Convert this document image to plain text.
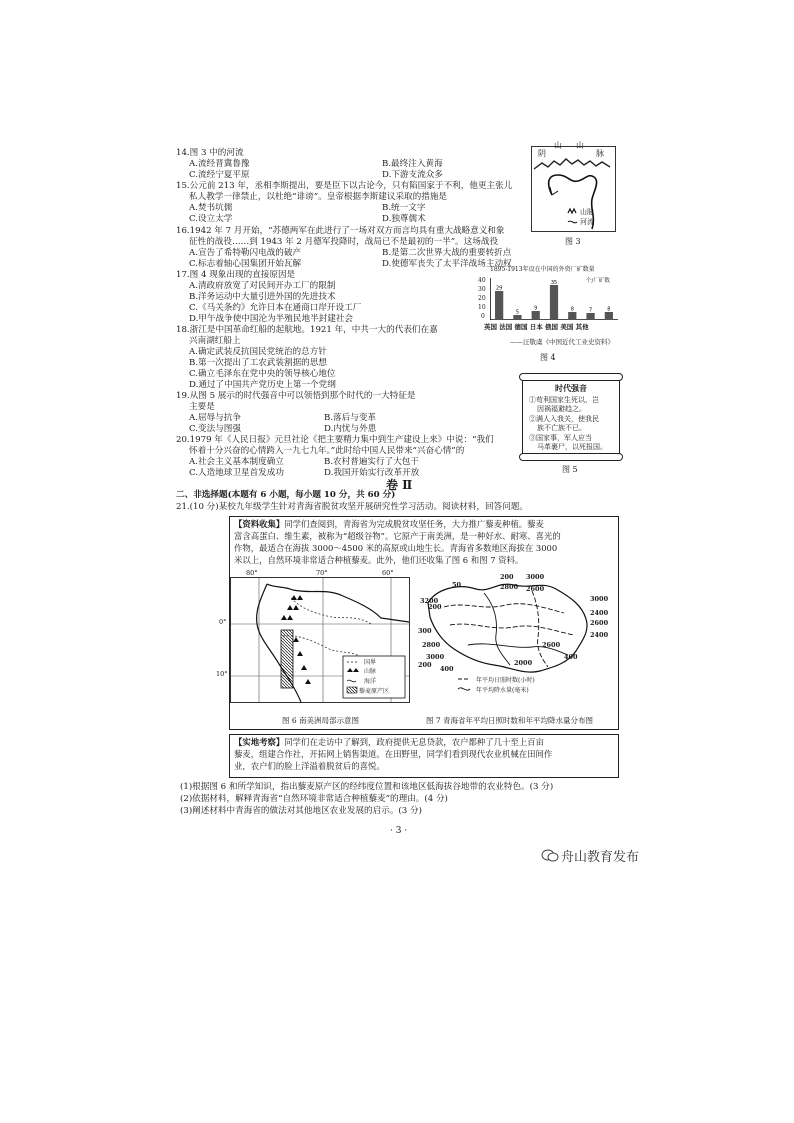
14.图 3 中的河流
A.流经晋冀鲁豫	B.最终注入黄海
C.流经宁夏平原	D.下游支流众多
15.公元前 213 年，丞相李斯提出，要是臣下以古论今，只有陷国家于不利，他更主张儿
私人教学一律禁止，以杜绝“诽谤”。皇帝根据李斯建议采取的措施是
A.焚书坑儒	B.统一文字
C.设立太学	D.独尊儒术
16.1942 年 7 月开始，“苏德两军在此进行了一场对双方而言均具有重大战略意义和象
征性的战役……到 1943 年 2 月德军投降时，战局已不是最初的一半”。这场战役
A.宣告了希特勒闪电战的破产	B.是第二次世界大战的重要转折点
C.标志着轴心国集团开始瓦解	D.使德军丧失了太平洋战场主动权
17.图 4 现象出现的直接原因是
A.清政府放宽了对民间开办工厂的限制
B.洋务运动中大量引进外国的先进技术
C.《马关条约》允许日本在通商口岸开设工厂
D.甲午战争使中国沦为半殖民地半封建社会
18.浙江是中国革命红船的起航地。1921 年，中共一大的代表们在嘉
兴南湖红船上
A.确定武装反抗国民党统治的总方针
B.第一次提出了工农武装割据的思想
C.确立毛泽东在党中央的领导核心地位
D.通过了中国共产党历史上第一个党纲
19.从图 5 展示的时代强音中可以领悟到那个时代的一大特征是
主要是
A.屈辱与抗争	B.落后与变革
C.变法与图强	D.内忧与外患
20.1979 年《人民日报》元旦社论《把主要精力集中到生产建设上来》中说：“我们
怀着十分兴奋的心情跨入一九七九年。”此时给中国人民带来“兴奋心情”的
A.社会主义基本制度确立	B.农村普遍实行了大包干
C.人造地球卫星首发成功	D.我国开始实行改革开放
阴
山 山
脉
山脉
河流
图 3
1895-1913年设在中国的外资厂矿数量
个/厂矿数
40
30
20
10
0
29
5
9
35
8	7	8
英国 法国 德国 日本 俄国 美国 其他
——汪敬虞《中国近代工业史资料》
图 4
时代强音
①苟利国家生死以，岂
因祸福避趋之。
②满人入我关，使我民
族不亡族不已。
③国家事，军人应当
马革裹尸，以死报国。
图 5
卷 Ⅱ
二、非选择题(本题有 6 小题，每小题 10 分，共 60 分)
21.(10 分)某校九年级学生针对青海省脱贫攻坚开展研究性学习活动。阅读材料，回答问题。
【资料收集】同学们查阅到，青海省为完成脱贫攻坚任务，大力推广藜麦种植。藜麦
富含高蛋白、维生素，被称为“超级谷物”。它原产于南美洲，是一种好水、耐寒、喜光的
作物，最适合在海拔 3000～4500 米的高原或山地生长。青海省多数地区海拔在 3000
米以上，自然环境非常适合种植藜麦。此外，他们还收集了图 6 和图 7 资料。
国界
山脉
海洋
藜麦原产区
80°	70°	60°
0°
10°
50
200
2800
3000
3200
2600
200
3000
300
2400
2600
2400
2800
3000
200 400
2600
2000
400
年平均日照时数(小时)
年平均降水量(毫米)
图 6 南美洲局部示意图	图 7 青海省年平均日照时数和年平均降水量分布图
【实地考察】同学们在走访中了解到，政府提供无息贷款，农户都种了几十至上百亩
藜麦，组建合作社，开拓网上销售渠道。在田野里，同学们看到现代农业机械在田间作
业，农户们的脸上洋溢着脱贫后的喜悦。
(1)根据图 6 和所学知识，指出藜麦原产区的经纬度位置和该地区低海拔谷地带的农业特色。(3 分)
(2)依据材料，解释青海省“自然环境非常适合种植藜麦”的理由。(4 分)
(3)阐述材料中青海省的做法对其他地区农业发展的启示。(3 分)
· 3 ·
舟山教育发布
